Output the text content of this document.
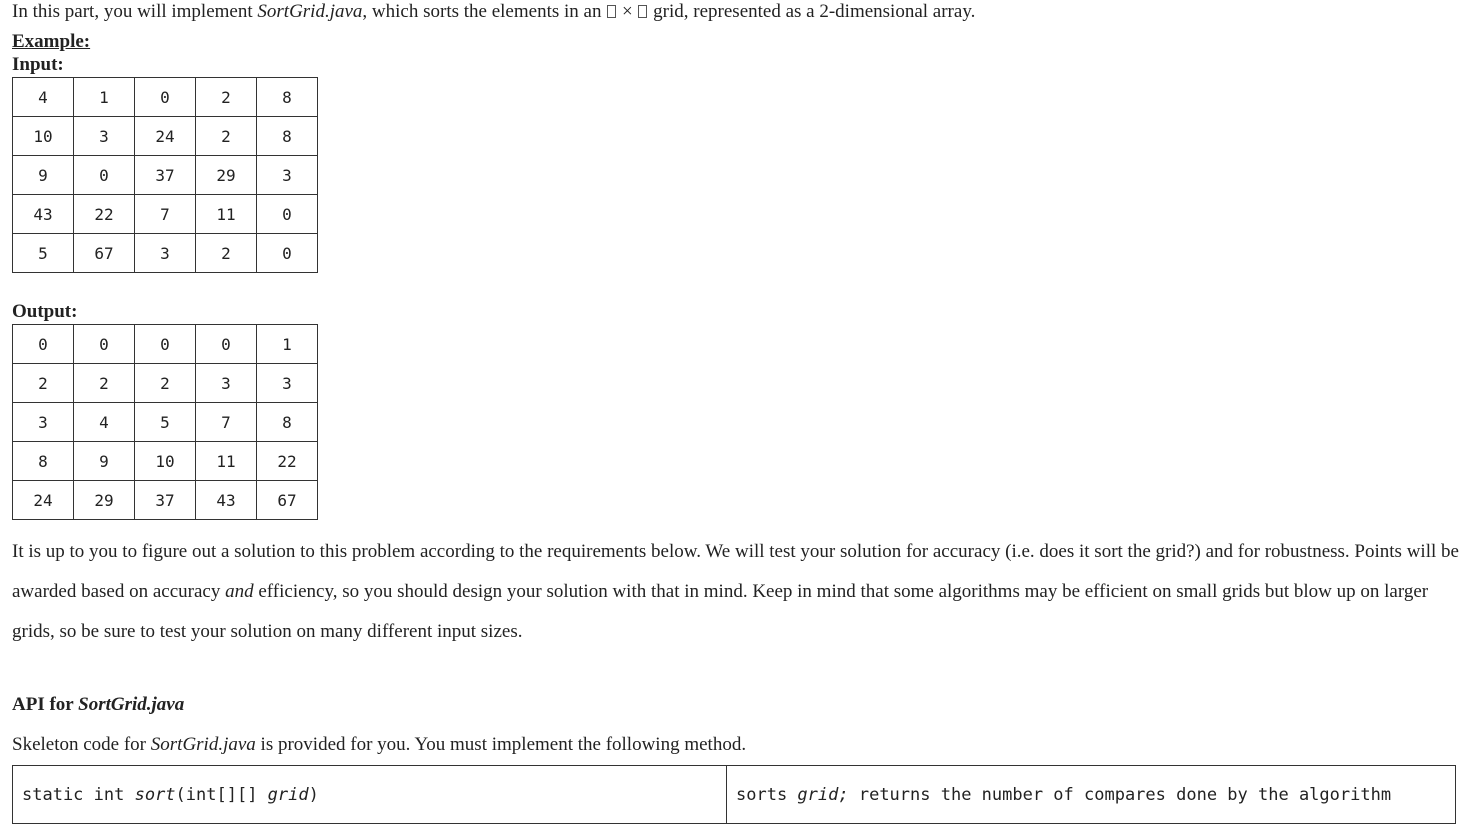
In this part, you will implement SortGrid.java, which sorts the elements in an  ×  grid, represented as a 2-dimensional array.
Example:
Input:
4	1	0	2	8
10	3	24	2	8
9	0	37	29	3
43	22	7	11	0
5	67	3	2	0
Output:
0	0	0	0	1
2	2	2	3	3
3	4	5	7	8
8	9	10	11	22
24	29	37	43	67
It is up to you to figure out a solution to this problem according to the requirements below. We will test your solution for accuracy (i.e. does it sort the grid?) and for robustness. Points will be awarded based on accuracy and efficiency, so you should design your solution with that in mind. Keep in mind that some algorithms may be efficient on small grids but blow up on larger grids, so be sure to test your solution on many different input sizes.
API for SortGrid.java
Skeleton code for SortGrid.java is provided for you. You must implement the following method.
static int sort(int[][] grid)	sorts grid; returns the number of compares done by the algorithm
